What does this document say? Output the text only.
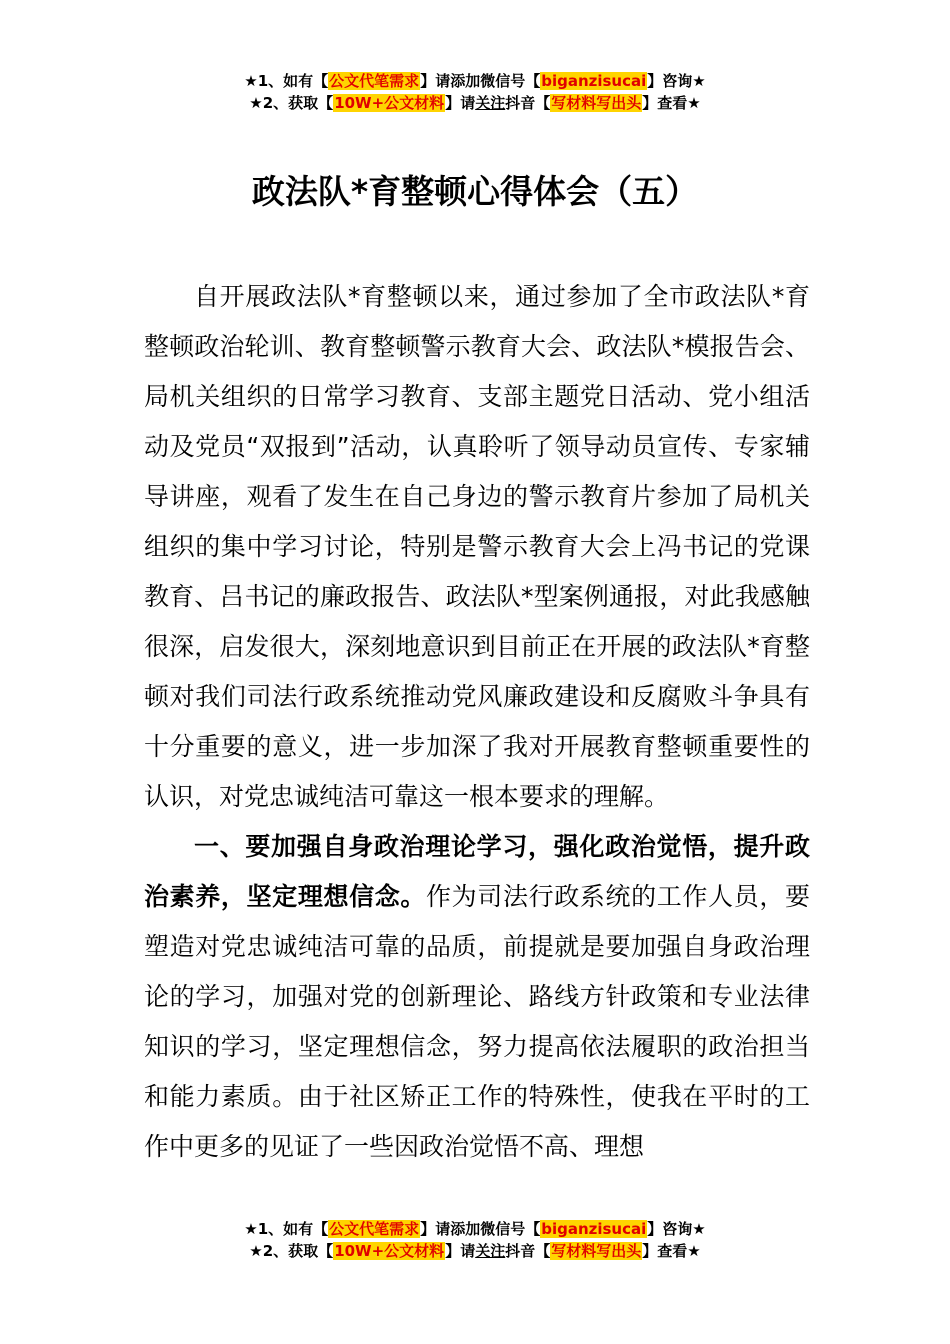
★1、如有【公文代笔需求】请添加微信号【biganzisucai】咨询★
★2、获取【10W+公文材料】请关注抖音【写材料写出头】查看★
政法队*育整顿心得体会（五）

自开展政法队*育整顿以来，通过参加了全市政法队*育整顿政治轮训、教育整顿警示教育大会、政法队*模报告会、局机关组织的日常学习教育、支部主题党日活动、党小组活动及党员“双报到”活动，认真聆听了领导动员宣传、专家辅导讲座，观看了发生在自己身边的警示教育片参加了局机关组织的集中学习讨论，特别是警示教育大会上冯书记的党课教育、吕书记的廉政报告、政法队*型案例通报，对此我感触很深，启发很大，深刻地意识到目前正在开展的政法队*育整顿对我们司法行政系统推动党风廉政建设和反腐败斗争具有十分重要的意义，进一步加深了我对开展教育整顿重要性的认识，对党忠诚纯洁可靠这一根本要求的理解。

一、要加强自身政治理论学习，强化政治觉悟，提升政治素养，坚定理想信念。作为司法行政系统的工作人员，要塑造对党忠诚纯洁可靠的品质，前提就是要加强自身政治理论的学习，加强对党的创新理论、路线方针政策和专业法律知识的学习，坚定理想信念，努力提高依法履职的政治担当和能力素质。由于社区矫正工作的特殊性，使我在平时的工作中更多的见证了一些因政治觉悟不高、理想

★1、如有【公文代笔需求】请添加微信号【biganzisucai】咨询★
★2、获取【10W+公文材料】请关注抖音【写材料写出头】查看★
